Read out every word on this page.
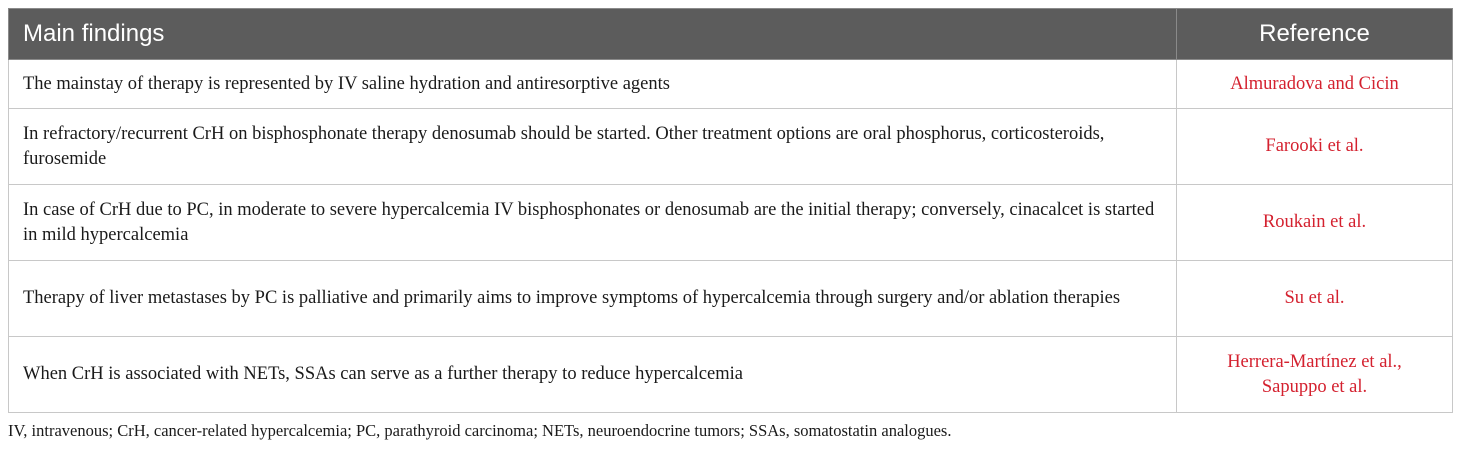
Main findings	Reference
The mainstay of therapy is represented by IV saline hydration and antiresorptive agents	Almuradova and Cicin

In refractory/recurrent CrH on bisphosphonate therapy denosumab should be started. Other treatment options are oral phosphorus, corticosteroids, furosemide	Farooki et al.

In case of CrH due to PC, in moderate to severe hypercalcemia IV bisphosphonates or denosumab are the initial therapy; conversely, cinacalcet is started in mild hypercalcemia	Roukain et al.

Therapy of liver metastases by PC is palliative and primarily aims to improve symptoms of hypercalcemia through surgery and/or ablation therapies	Su et al.

When CrH is associated with NETs, SSAs can serve as a further therapy to reduce hypercalcemia	Herrera-Martínez et al.,
Sapuppo et al.
IV, intravenous; CrH, cancer-related hypercalcemia; PC, parathyroid carcinoma; NETs, neuroendocrine tumors; SSAs, somatostatin analogues.
